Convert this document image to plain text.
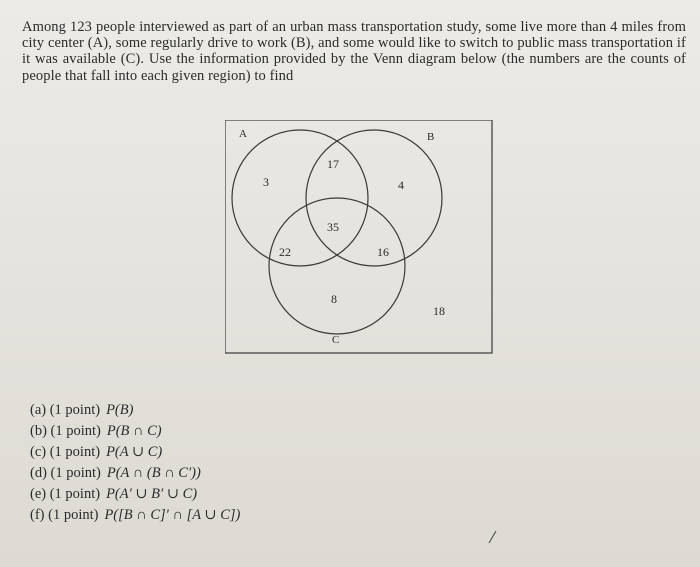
Among 123 people interviewed as part of an urban mass transportation study, some live more than 4 miles from city center (A), some regularly drive to work (B), and some would like to switch to public mass transportation if it was available (C). Use the information provided by the Venn diagram below (the numbers are the counts of people that fall into each given region) to find

A	B
C
3
17
4
35
22	16
8
18
(a) (1 point) P(B)
(b) (1 point) P(B ∩ C)
(c) (1 point) P(A ∪ C)
(d) (1 point) P(A ∩ (B ∩ C′))
(e) (1 point) P(A′ ∪ B′ ∪ C)
(f) (1 point) P([B ∩ C]′ ∩ [A ∪ C])
